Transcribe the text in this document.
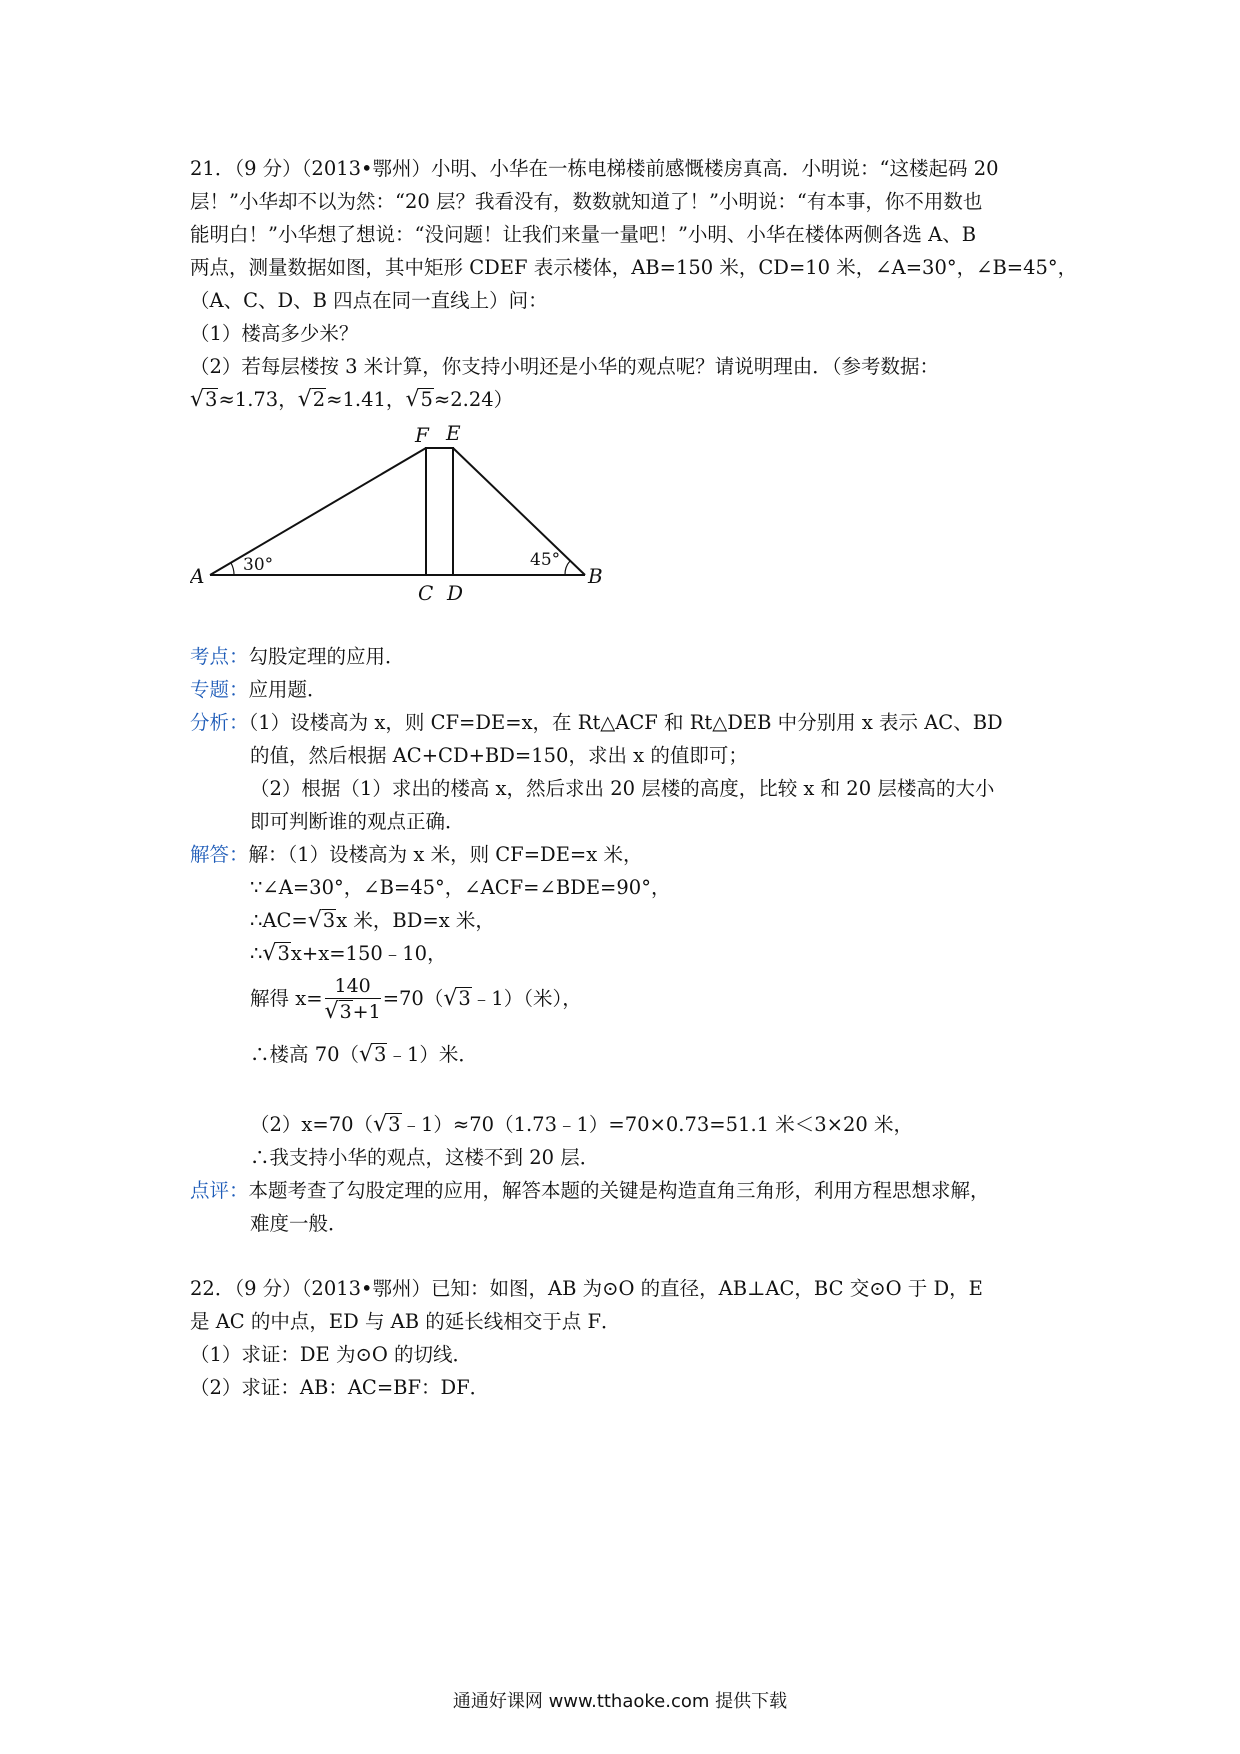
21．（9 分）（2013•鄂州）小明、小华在一栋电梯楼前感慨楼房真高．小明说：“这楼起码 20
层！”小华却不以为然：“20 层？我看没有，数数就知道了！”小明说：“有本事，你不用数也
能明白！”小华想了想说：“没问题！让我们来量一量吧！”小明、小华在楼体两侧各选 A、B
两点，测量数据如图，其中矩形 CDEF 表示楼体，AB=150 米，CD=10 米，∠A=30°，∠B=45°，
（A、C、D、B 四点在同一直线上）问：
（1）楼高多少米？
（2）若每层楼按 3 米计算，你支持小明还是小华的观点呢？请说明理由．（参考数据：
√3≈1.73，√2≈1.41，√5≈2.24）
F E
A	B
C D
30°	45°
考点：勾股定理的应用．
专题：应用题．
分析：（1）设楼高为 x，则 CF=DE=x，在 Rt△ACF 和 Rt△DEB 中分别用 x 表示 AC、BD
的值，然后根据 AC+CD+BD=150，求出 x 的值即可；
（2）根据（1）求出的楼高 x，然后求出 20 层楼的高度，比较 x 和 20 层楼高的大小
即可判断谁的观点正确．
解答：解：（1）设楼高为 x 米，则 CF=DE=x 米，
∵∠A=30°，∠B=45°，∠ACF=∠BDE=90°，
∴AC=√3x 米，BD=x 米，
∴√3x+x=150﹣10，
解得 $x= \frac{140}{√3+1}$ =70（√3﹣1）（米），
∴楼高 70（√3﹣1）米．
（2）x=70（√3﹣1）≈70（1.73﹣1）=70×0.73=51.1 米＜3×20 米，
∴我支持小华的观点，这楼不到 20 层．
点评：本题考查了勾股定理的应用，解答本题的关键是构造直角三角形，利用方程思想求解，
难度一般．
22．（9 分）（2013•鄂州）已知：如图，AB 为⊙O 的直径，AB⊥AC，BC 交⊙O 于 D，E
是 AC 的中点，ED 与 AB 的延长线相交于点 F．
（1）求证：DE 为⊙O 的切线．
（2）求证：AB：AC=BF：DF．
通通好课网 www.tthaoke.com 提供下载
